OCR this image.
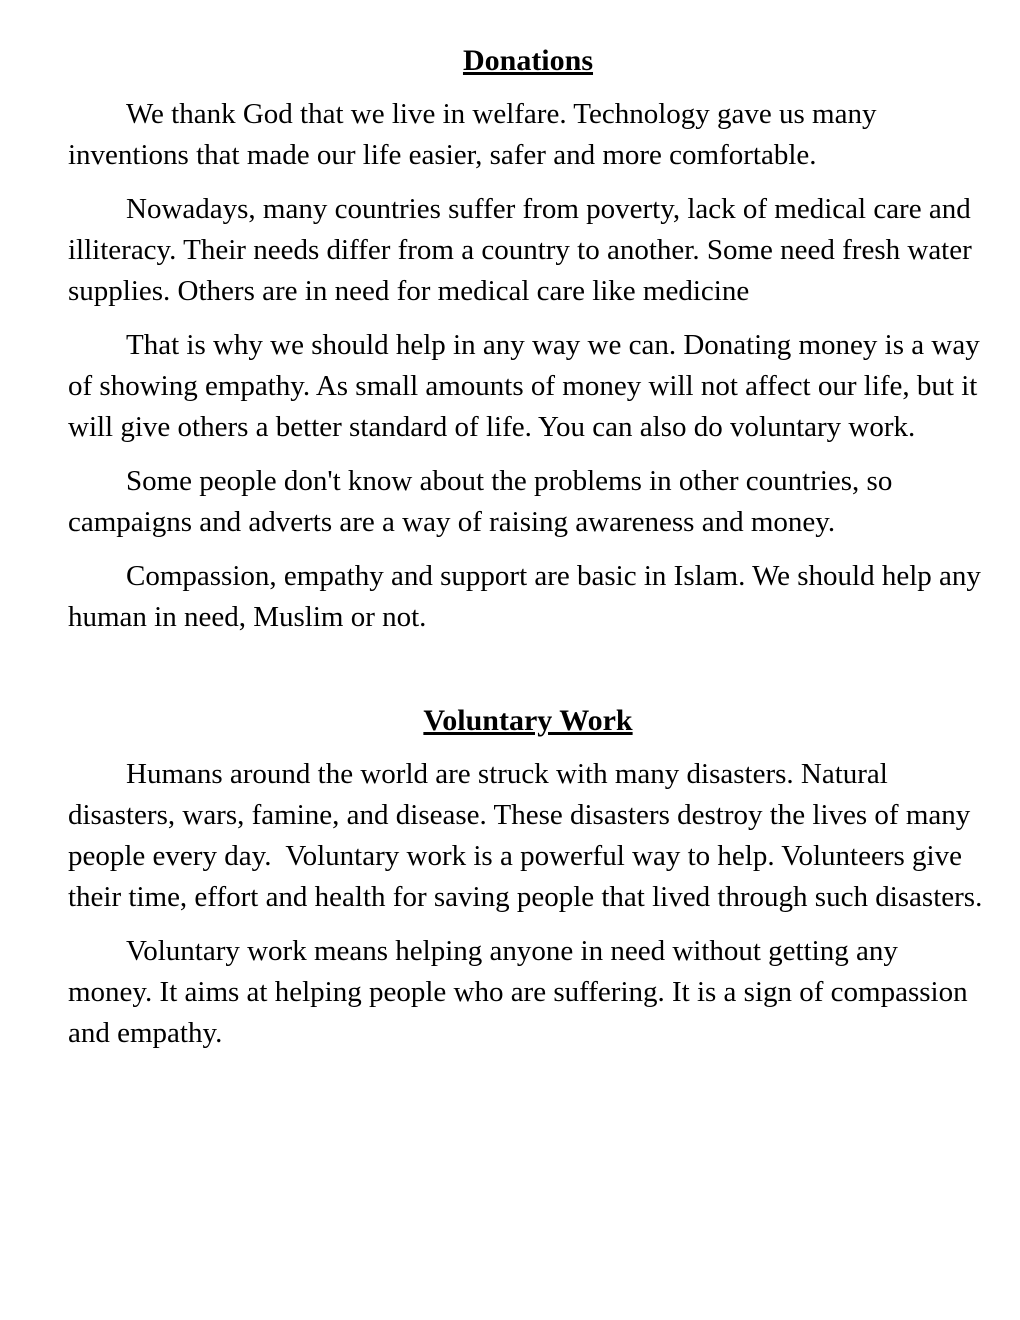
Donations

We thank God that we live in welfare. Technology gave us many inventions that made our life easier, safer and more comfortable.

Nowadays, many countries suffer from poverty, lack of medical care and illiteracy. Their needs differ from a country to another. Some need fresh water supplies. Others are in need for medical care like medicine

That is why we should help in any way we can. Donating money is a way of showing empathy. As small amounts of money will not affect our life, but it will give others a better standard of life. You can also do voluntary work.

Some people don't know about the problems in other countries, so campaigns and adverts are a way of raising awareness and money.

Compassion, empathy and support are basic in Islam. We should help any human in need, Muslim or not.

Voluntary Work

Humans around the world are struck with many disasters. Natural disasters, wars, famine, and disease. These disasters destroy the lives of many people every day.  Voluntary work is a powerful way to help. Volunteers give their time, effort and health for saving people that lived through such disasters.

Voluntary work means helping anyone in need without getting any money. It aims at helping people who are suffering. It is a sign of compassion and empathy.
